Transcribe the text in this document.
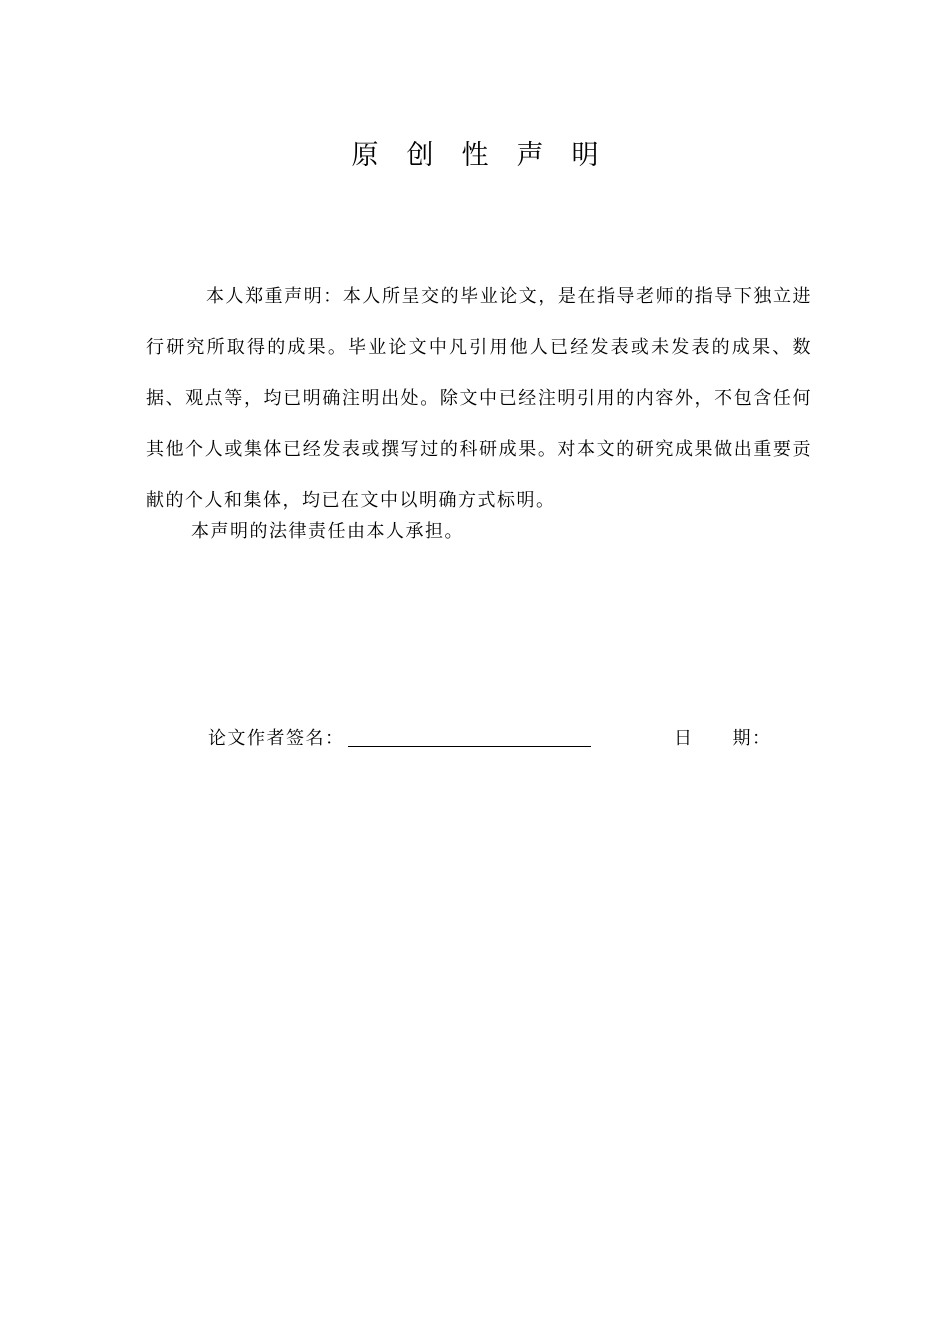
原创性声明
本人郑重声明：本人所呈交的毕业论文，是在指导老师的指导下独立进行研究所取得的成果。毕业论文中凡引用他人已经发表或未发表的成果、数据、观点等，均已明确注明出处。除文中已经注明引用的内容外，不包含任何其他个人或集体已经发表或撰写过的科研成果。对本文的研究成果做出重要贡献的个人和集体，均已在文中以明确方式标明。
本声明的法律责任由本人承担。
论文作者签名：	日　　期：
